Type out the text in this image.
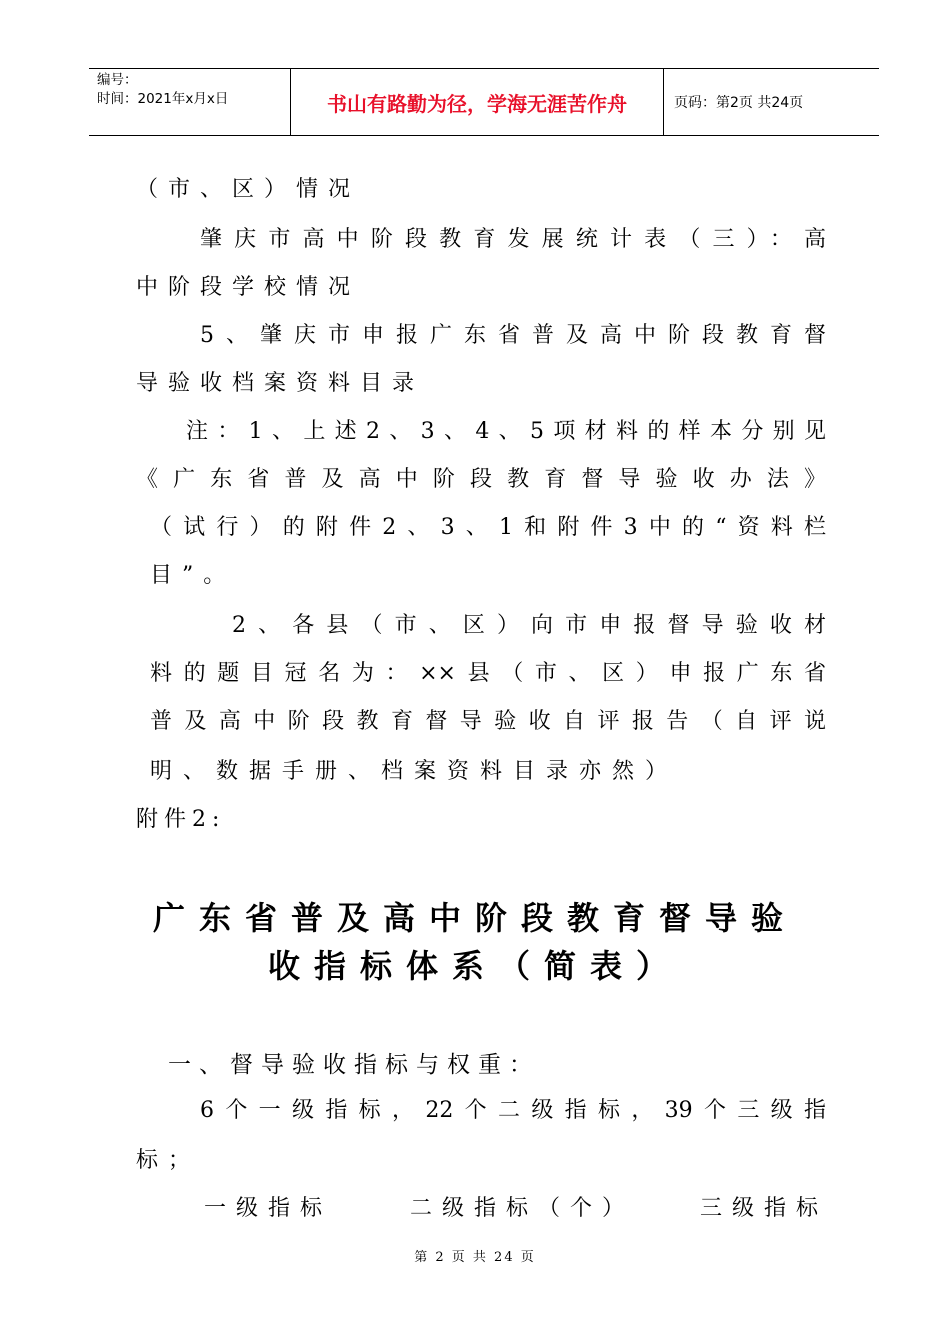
编号：
时间：2021年x月x日	书山有路勤为径，学海无涯苦作舟	页码：第2页 共24页
（市、区）情况
肇庆市高中阶段教育发展统计表（三）：高
中阶段学校情况
5、肇庆市申报广东省普及高中阶段教育督
导验收档案资料目录
注：1、上述2、3、4、5项材料的样本分别见
《广东省普及高中阶段教育督导验收办法》
（试行）的附件2、3、1和附件3中的“资料栏
目”。
2、各县（市、区）向市申报督导验收材
料的题目冠名为：××县（市、区）申报广东省
普及高中阶段教育督导验收自评报告（自评说
明、数据手册、档案资料目录亦然）
附件2:
广东省普及高中阶段教育督导验
收指标体系（简表）
一、督导验收指标与权重：
6个一级指标，22个二级指标，39个三级指
标；
一级指标	二级指标（个）	三级指标
第 2 页 共 24 页
